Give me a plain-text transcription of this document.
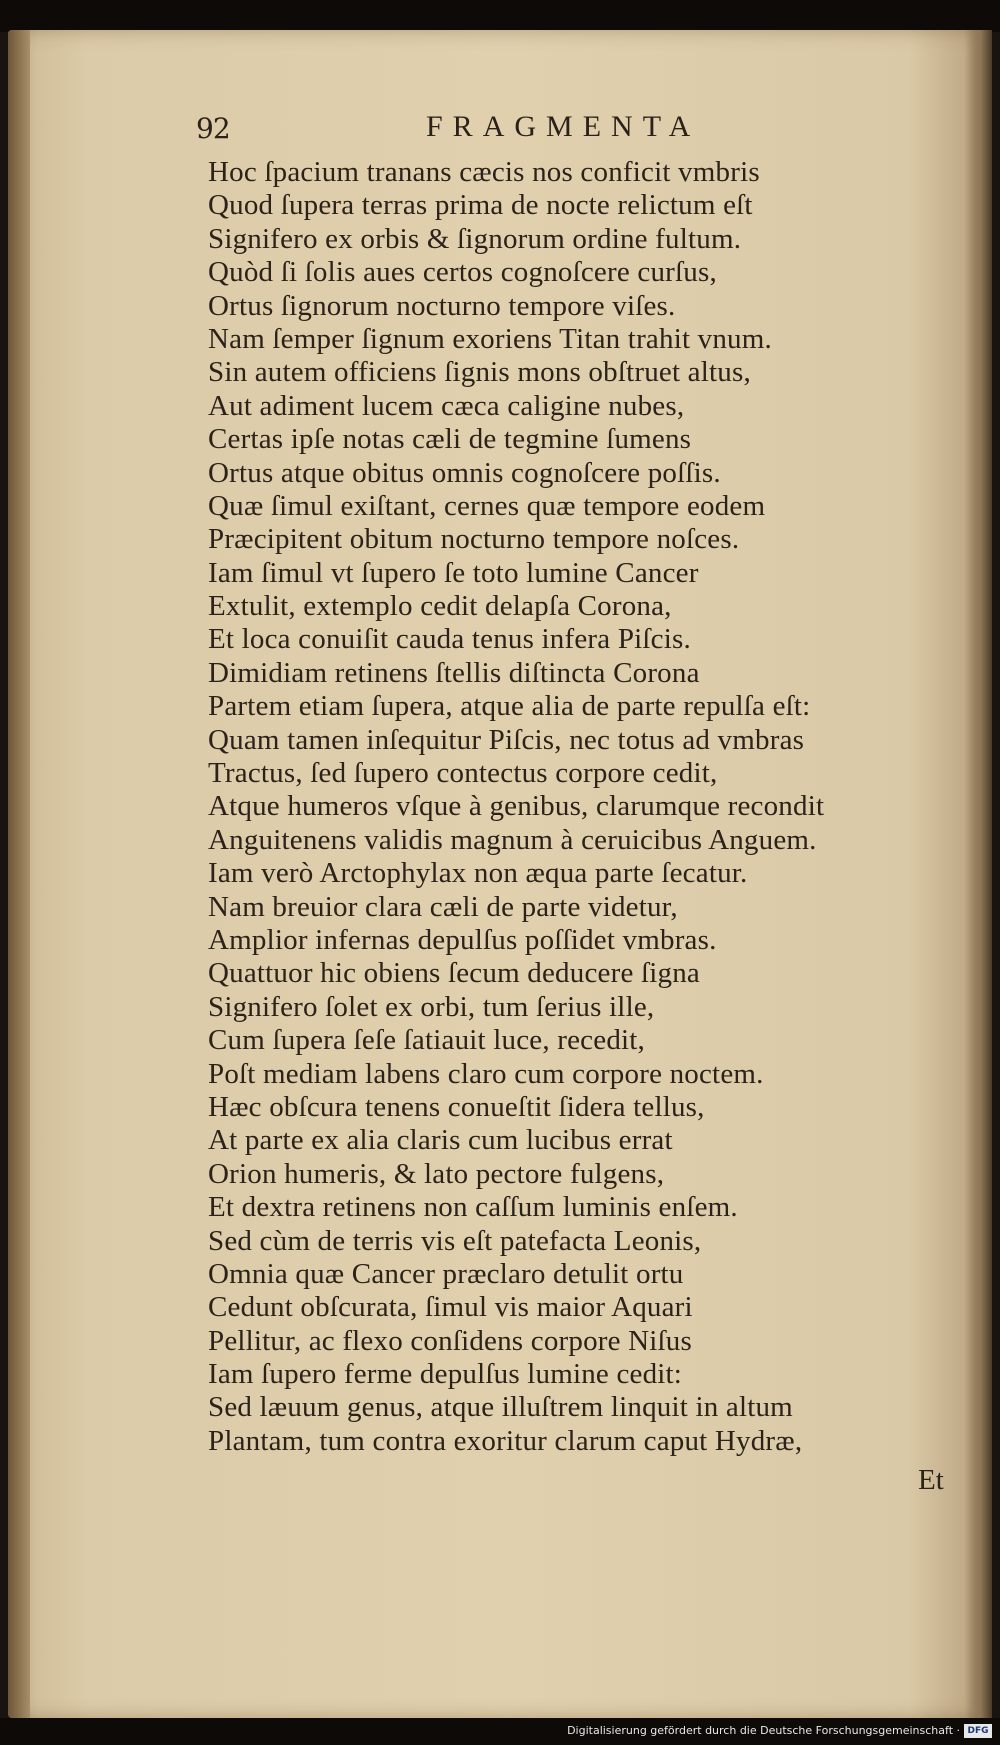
92	FRAGMENTA
Hoc ſpacium tranans cæcis nos conficit vmbris
Quod ſupera terras prima de nocte relictum eſt
Signifero ex orbis & ſignorum ordine fultum.
Quòd ſi ſolis aues certos cognoſcere curſus,
Ortus ſignorum nocturno tempore viſes.
Nam ſemper ſignum exoriens Titan trahit vnum.
Sin autem officiens ſignis mons obſtruet altus,
Aut adiment lucem cæca caligine nubes,
Certas ipſe notas cæli de tegmine ſumens
Ortus atque obitus omnis cognoſcere poſſis.
Quæ ſimul exiſtant, cernes quæ tempore eodem
Præcipitent obitum nocturno tempore noſces.
Iam ſimul vt ſupero ſe toto lumine Cancer
Extulit, extemplo cedit delapſa Corona,
Et loca conuiſit cauda tenus infera Piſcis.
Dimidiam retinens ſtellis diſtincta Corona
Partem etiam ſupera, atque alia de parte repulſa eſt:
Quam tamen inſequitur Piſcis, nec totus ad vmbras
Tractus, ſed ſupero contectus corpore cedit,
Atque humeros vſque à genibus, clarumque recondit
Anguitenens validis magnum à ceruicibus Anguem.
Iam verò Arctophylax non æqua parte ſecatur.
Nam breuior clara cæli de parte videtur,
Amplior infernas depulſus poſſidet vmbras.
Quattuor hic obiens ſecum deducere ſigna
Signifero ſolet ex orbi, tum ſerius ille,
Cum ſupera ſeſe ſatiauit luce, recedit,
Poſt mediam labens claro cum corpore noctem.
Hæc obſcura tenens conueſtit ſidera tellus,
At parte ex alia claris cum lucibus errat
Orion humeris, & lato pectore fulgens,
Et dextra retinens non caſſum luminis enſem.
Sed cùm de terris vis eſt patefacta Leonis,
Omnia quæ Cancer præclaro detulit ortu
Cedunt obſcurata, ſimul vis maior Aquari
Pellitur, ac flexo conſidens corpore Niſus
Iam ſupero ferme depulſus lumine cedit:
Sed læuum genus, atque illuſtrem linquit in altum
Plantam, tum contra exoritur clarum caput Hydræ,
Et
Digitalisierung gefördert durch die Deutsche Forschungsgemeinschaft · DFG
